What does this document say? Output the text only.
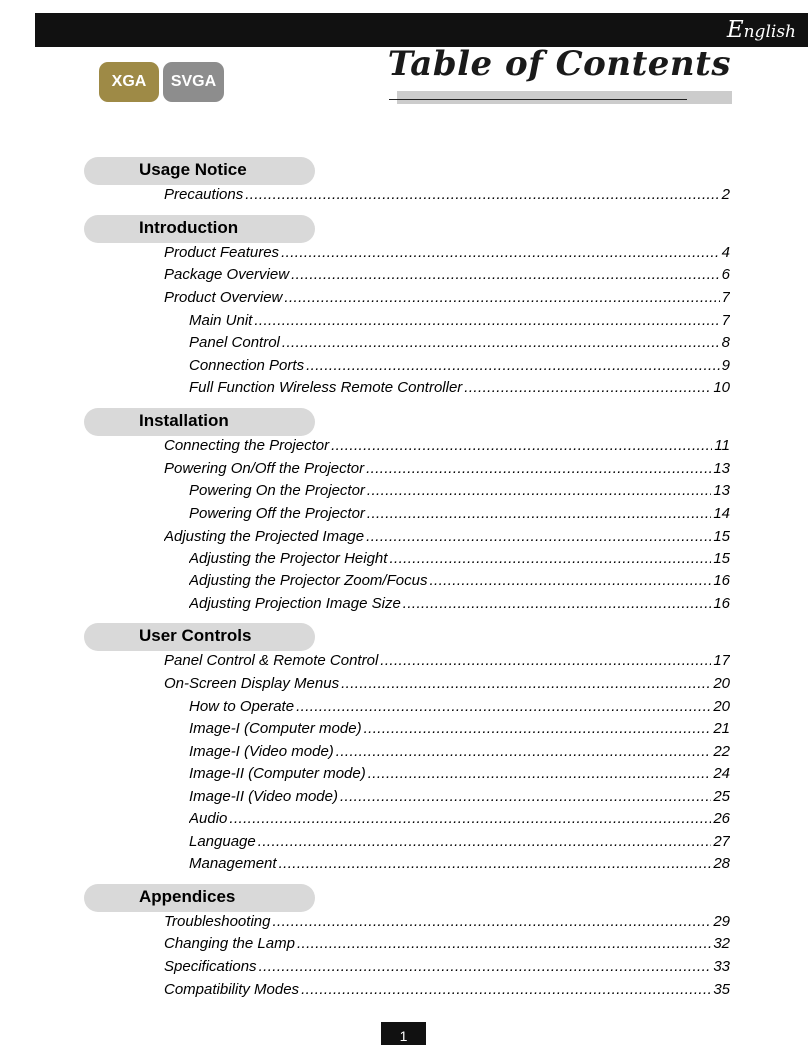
English
XGA	SVGA	Table of Contents
Usage Notice
Precautions .....	2
Introduction
Product Features .....	4
Package Overview .....	6
Product Overview .....	7
Main Unit .....	7
Panel Control .....	8
Connection Ports .....	9
Full Function Wireless Remote Controller .....	10
Installation
Connecting the Projector .....	11
Powering On/Off the Projector .....	13
Powering On the Projector .....	13
Powering Off the Projector .....	14
Adjusting the Projected Image .....	15
Adjusting the Projector Height .....	15
Adjusting the Projector Zoom/Focus .....	16
Adjusting Projection Image Size .....	16
User Controls
Panel Control & Remote Control .....	17
On-Screen Display Menus .....	20
How to Operate .....	20
Image-I (Computer mode) .....	21
Image-I (Video mode) .....	22
Image-II (Computer mode) .....	24
Image-II (Video mode) .....	25
Audio .....	26
Language .....	27
Management .....	28
Appendices
Troubleshooting .....	29
Changing the Lamp .....	32
Specifications .....	33
Compatibility Modes .....	35
1
